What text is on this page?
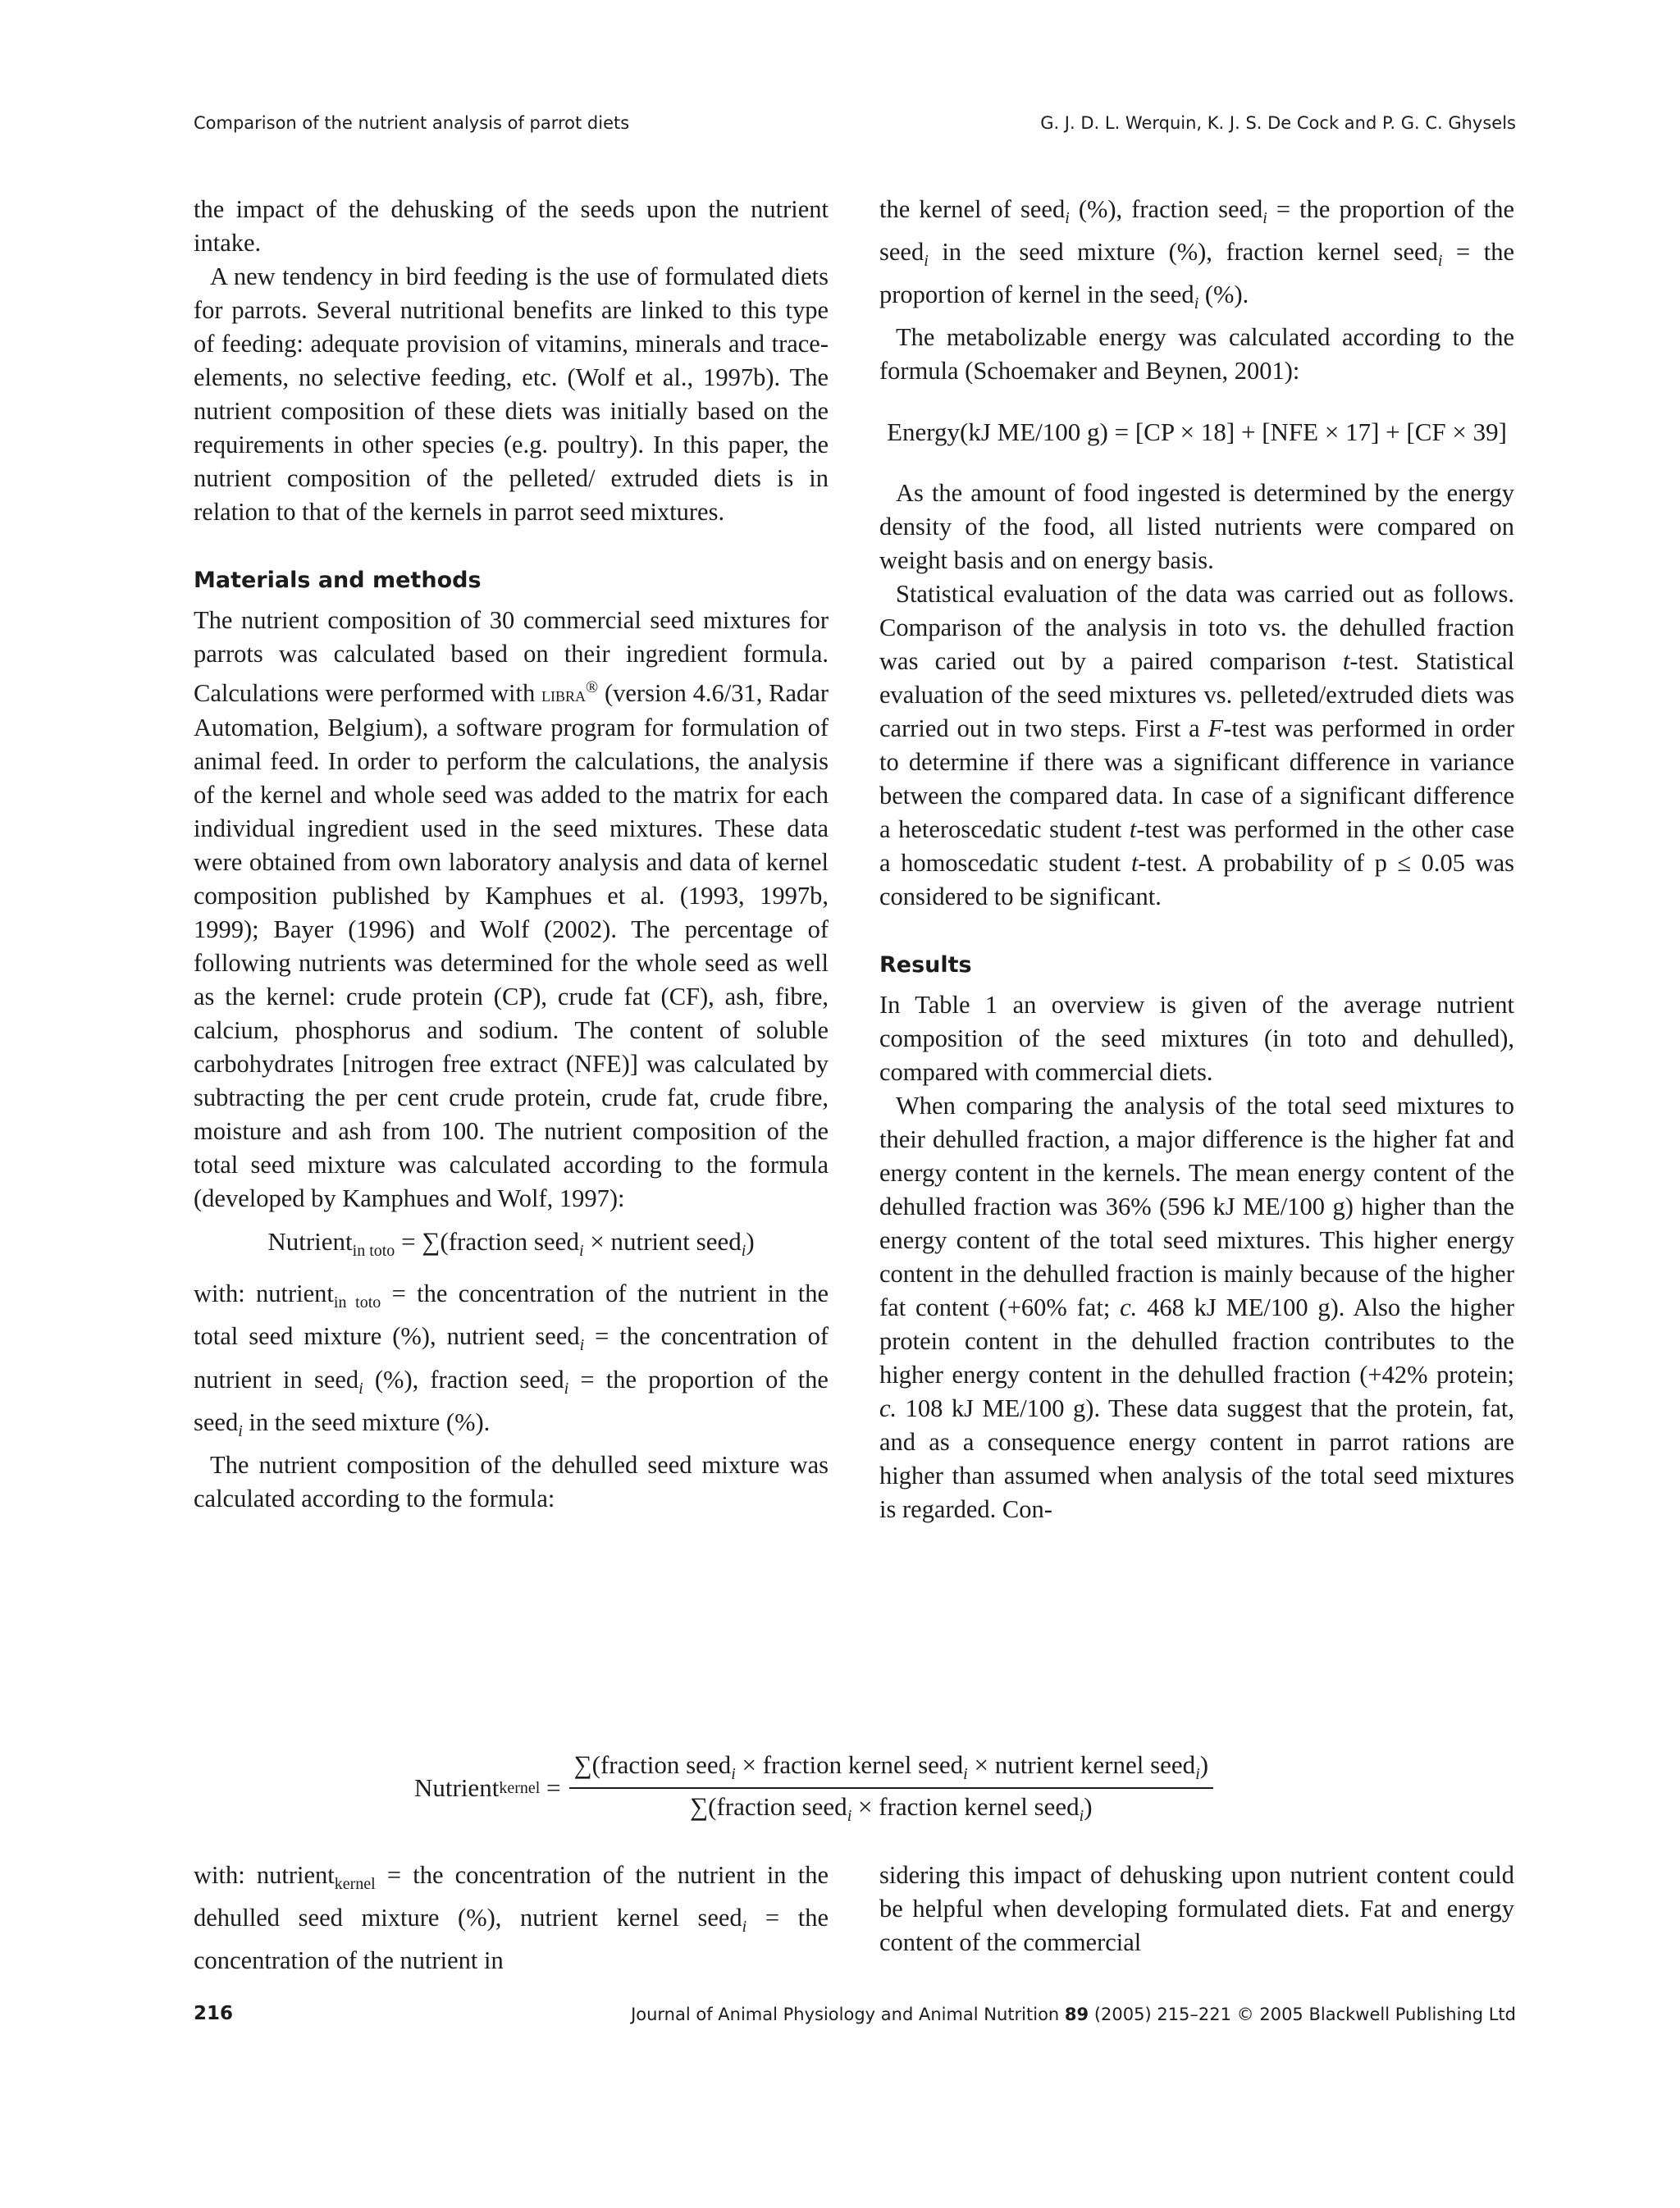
Comparison of the nutrient analysis of parrot diets	G. J. D. L. Werquin, K. J. S. De Cock and P. G. C. Ghysels

the impact of the dehusking of the seeds upon the nutrient intake.

A new tendency in bird feeding is the use of formulated diets for parrots. Several nutritional benefits are linked to this type of feeding: adequate provision of vitamins, minerals and trace-elements, no selective feeding, etc. (Wolf et al., 1997b). The nutrient composition of these diets was initially based on the requirements in other species (e.g. poultry). In this paper, the nutrient composition of the pelleted/ extruded diets is in relation to that of the kernels in parrot seed mixtures.

Materials and methods

The nutrient composition of 30 commercial seed mixtures for parrots was calculated based on their ingredient formula. Calculations were performed with libra® (version 4.6/31, Radar Automation, Belgium), a software program for formulation of animal feed. In order to perform the calculations, the analysis of the kernel and whole seed was added to the matrix for each individual ingredient used in the seed mixtures. These data were obtained from own laboratory analysis and data of kernel composition published by Kamphues et al. (1993, 1997b, 1999); Bayer (1996) and Wolf (2002). The percentage of following nutrients was determined for the whole seed as well as the kernel: crude protein (CP), crude fat (CF), ash, fibre, calcium, phosphorus and sodium. The content of soluble carbohydrates [nitrogen free extract (NFE)] was calculated by subtracting the per cent crude protein, crude fat, crude fibre, moisture and ash from 100. The nutrient composition of the total seed mixture was calculated according to the formula (developed by Kamphues and Wolf, 1997):

Nutrient$_{in toto}$ = ∑(fraction seed$_i$ × nutrient seed$_i$)

with: nutrient$_{in toto}$ = the concentration of the nutrient in the total seed mixture (%), nutrient seed$_i$ = the concentration of nutrient in seed$_i$ (%), fraction seed$_i$ = the proportion of the seed$_i$ in the seed mixture (%).

The nutrient composition of the dehulled seed mixture was calculated according to the formula:

the kernel of seed$_i$ (%), fraction seed$_i$ = the proportion of the seed$_i$ in the seed mixture (%), fraction kernel seed$_i$ = the proportion of kernel in the seed$_i$ (%).

The metabolizable energy was calculated according to the formula (Schoemaker and Beynen, 2001):

Energy(kJ ME/100 g) = [CP × 18] + [NFE × 17] + [CF × 39]

As the amount of food ingested is determined by the energy density of the food, all listed nutrients were compared on weight basis and on energy basis.

Statistical evaluation of the data was carried out as follows. Comparison of the analysis in toto vs. the dehulled fraction was caried out by a paired comparison t-test. Statistical evaluation of the seed mixtures vs. pelleted/extruded diets was carried out in two steps. First a F-test was performed in order to determine if there was a significant difference in variance between the compared data. In case of a significant difference a heteroscedatic student t-test was performed in the other case a homoscedatic student t-test. A probability of p ≤ 0.05 was considered to be significant.

Results

In Table 1 an overview is given of the average nutrient composition of the seed mixtures (in toto and dehulled), compared with commercial diets.

When comparing the analysis of the total seed mixtures to their dehulled fraction, a major difference is the higher fat and energy content in the kernels. The mean energy content of the dehulled fraction was 36% (596 kJ ME/100 g) higher than the energy content of the total seed mixtures. This higher energy content in the dehulled fraction is mainly because of the higher fat content (+60% fat; c. 468 kJ ME/100 g). Also the higher protein content in the dehulled fraction contributes to the higher energy content in the dehulled fraction (+42% protein; c. 108 kJ ME/100 g). These data suggest that the protein, fat, and as a consequence energy content in parrot rations are higher than assumed when analysis of the total seed mixtures is regarded. Con-

Nutrient kernel =
∑(fraction seed$_i$ × fraction kernel seed$_i$ × nutrient kernel seed$_i$)
∑(fraction seed$_i$ × fraction kernel seed$_i$)

with: nutrient$_{kernel}$ = the concentration of the nutrient in the dehulled seed mixture (%), nutrient kernel seed$_i$ = the concentration of the nutrient in

sidering this impact of dehusking upon nutrient content could be helpful when developing formulated diets. Fat and energy content of the commercial

216	Journal of Animal Physiology and Animal Nutrition 89 (2005) 215–221 © 2005 Blackwell Publishing Ltd
